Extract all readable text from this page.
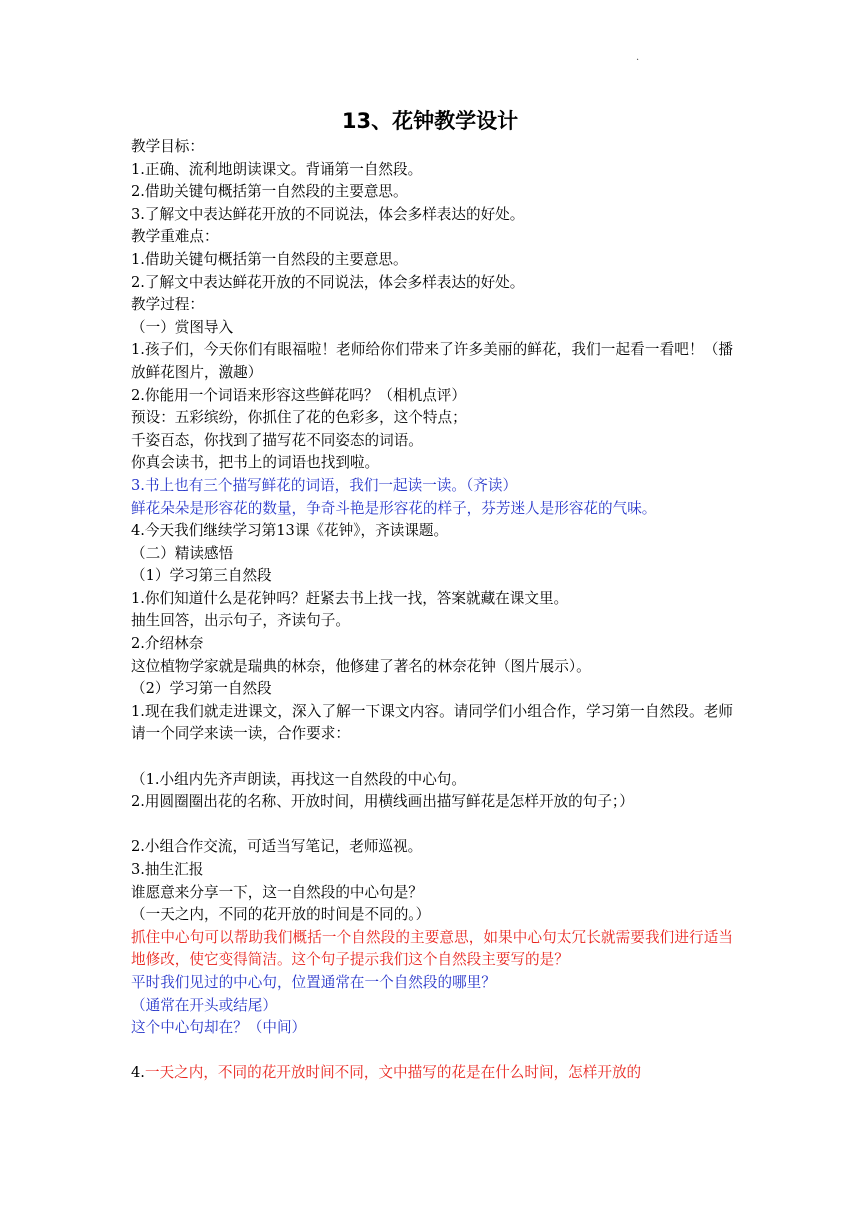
·
13、花钟教学设计

教学目标：

1.正确、流利地朗读课文。背诵第一自然段。

2.借助关键句概括第一自然段的主要意思。

3.了解文中表达鲜花开放的不同说法，体会多样表达的好处。

教学重难点：

1.借助关键句概括第一自然段的主要意思。

2.了解文中表达鲜花开放的不同说法，体会多样表达的好处。

教学过程：

（一）赏图导入

1.孩子们，今天你们有眼福啦！老师给你们带来了许多美丽的鲜花，我们一起看一看吧！（播放鲜花图片，激趣）

2.你能用一个词语来形容这些鲜花吗？（相机点评）

预设：五彩缤纷，你抓住了花的色彩多，这个特点；

千姿百态，你找到了描写花不同姿态的词语。

你真会读书，把书上的词语也找到啦。

3.书上也有三个描写鲜花的词语，我们一起读一读。（齐读）

鲜花朵朵是形容花的数量，争奇斗艳是形容花的样子，芬芳迷人是形容花的气味。

4.今天我们继续学习第13课《花钟》，齐读课题。

（二）精读感悟

（1）学习第三自然段

1.你们知道什么是花钟吗？赶紧去书上找一找，答案就藏在课文里。

抽生回答，出示句子，齐读句子。

2.介绍林奈

这位植物学家就是瑞典的林奈，他修建了著名的林奈花钟（图片展示）。

（2）学习第一自然段

1.现在我们就走进课文，深入了解一下课文内容。请同学们小组合作，学习第一自然段。老师请一个同学来读一读，合作要求：

（1.小组内先齐声朗读，再找这一自然段的中心句。

2.用圆圈圈出花的名称、开放时间，用横线画出描写鲜花是怎样开放的句子；）

2.小组合作交流，可适当写笔记，老师巡视。

3.抽生汇报

谁愿意来分享一下，这一自然段的中心句是？

（一天之内，不同的花开放的时间是不同的。）

抓住中心句可以帮助我们概括一个自然段的主要意思，如果中心句太冗长就需要我们进行适当地修改，使它变得简洁。这个句子提示我们这个自然段主要写的是？

平时我们见过的中心句，位置通常在一个自然段的哪里？

（通常在开头或结尾）

这个中心句却在？（中间）

4.一天之内，不同的花开放时间不同，文中描写的花是在什么时间，怎样开放的
